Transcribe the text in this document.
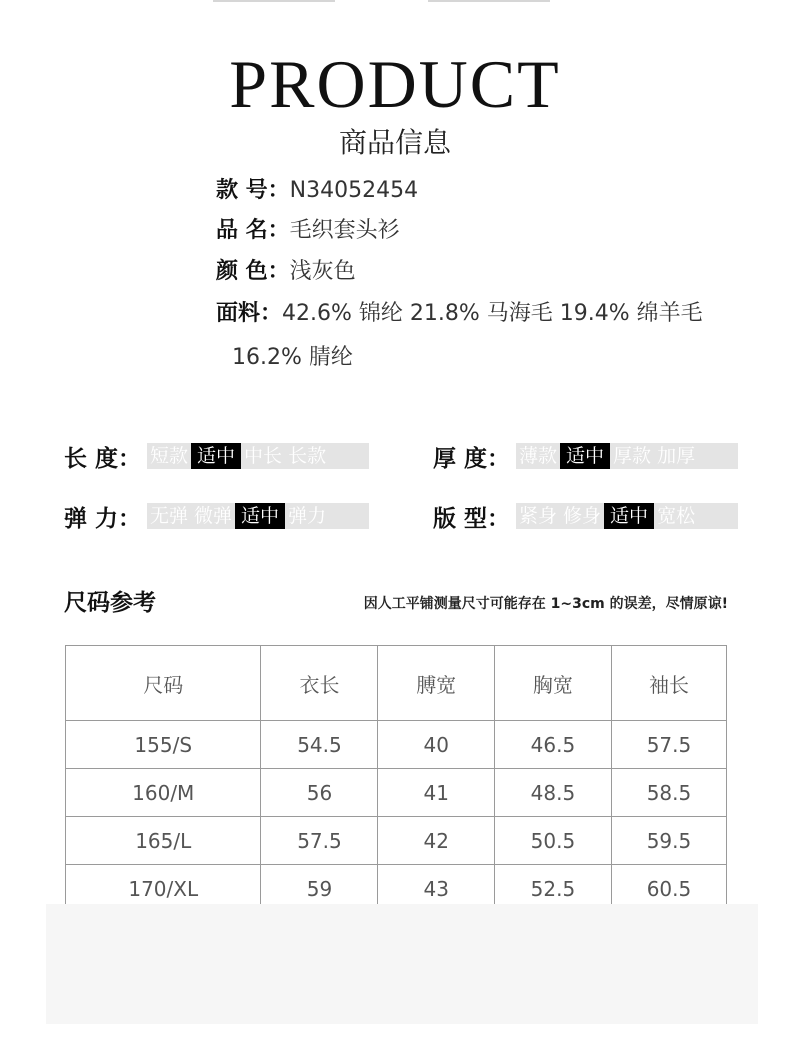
PRODUCT
商品信息
款 号：N34052454
品 名：毛织套头衫
颜 色：浅灰色
面料：42.6% 锦纶 21.8% 马海毛 19.4% 绵羊毛
16.2% 腈纶
长 度： 短款 适中 中长 长款	厚 度： 薄款 适中 厚款 加厚
弹 力： 无弹 微弹 适中 弹力	版 型： 紧身 修身 适中 宽松
尺码参考	因人工平铺测量尺寸可能存在 1~3cm 的误差，尽情原谅!
尺码	衣长	膊宽	胸宽	袖长
155/S	54.5	40	46.5	57.5
160/M	56	41	48.5	58.5
165/L	57.5	42	50.5	59.5
170/XL	59	43	52.5	60.5
